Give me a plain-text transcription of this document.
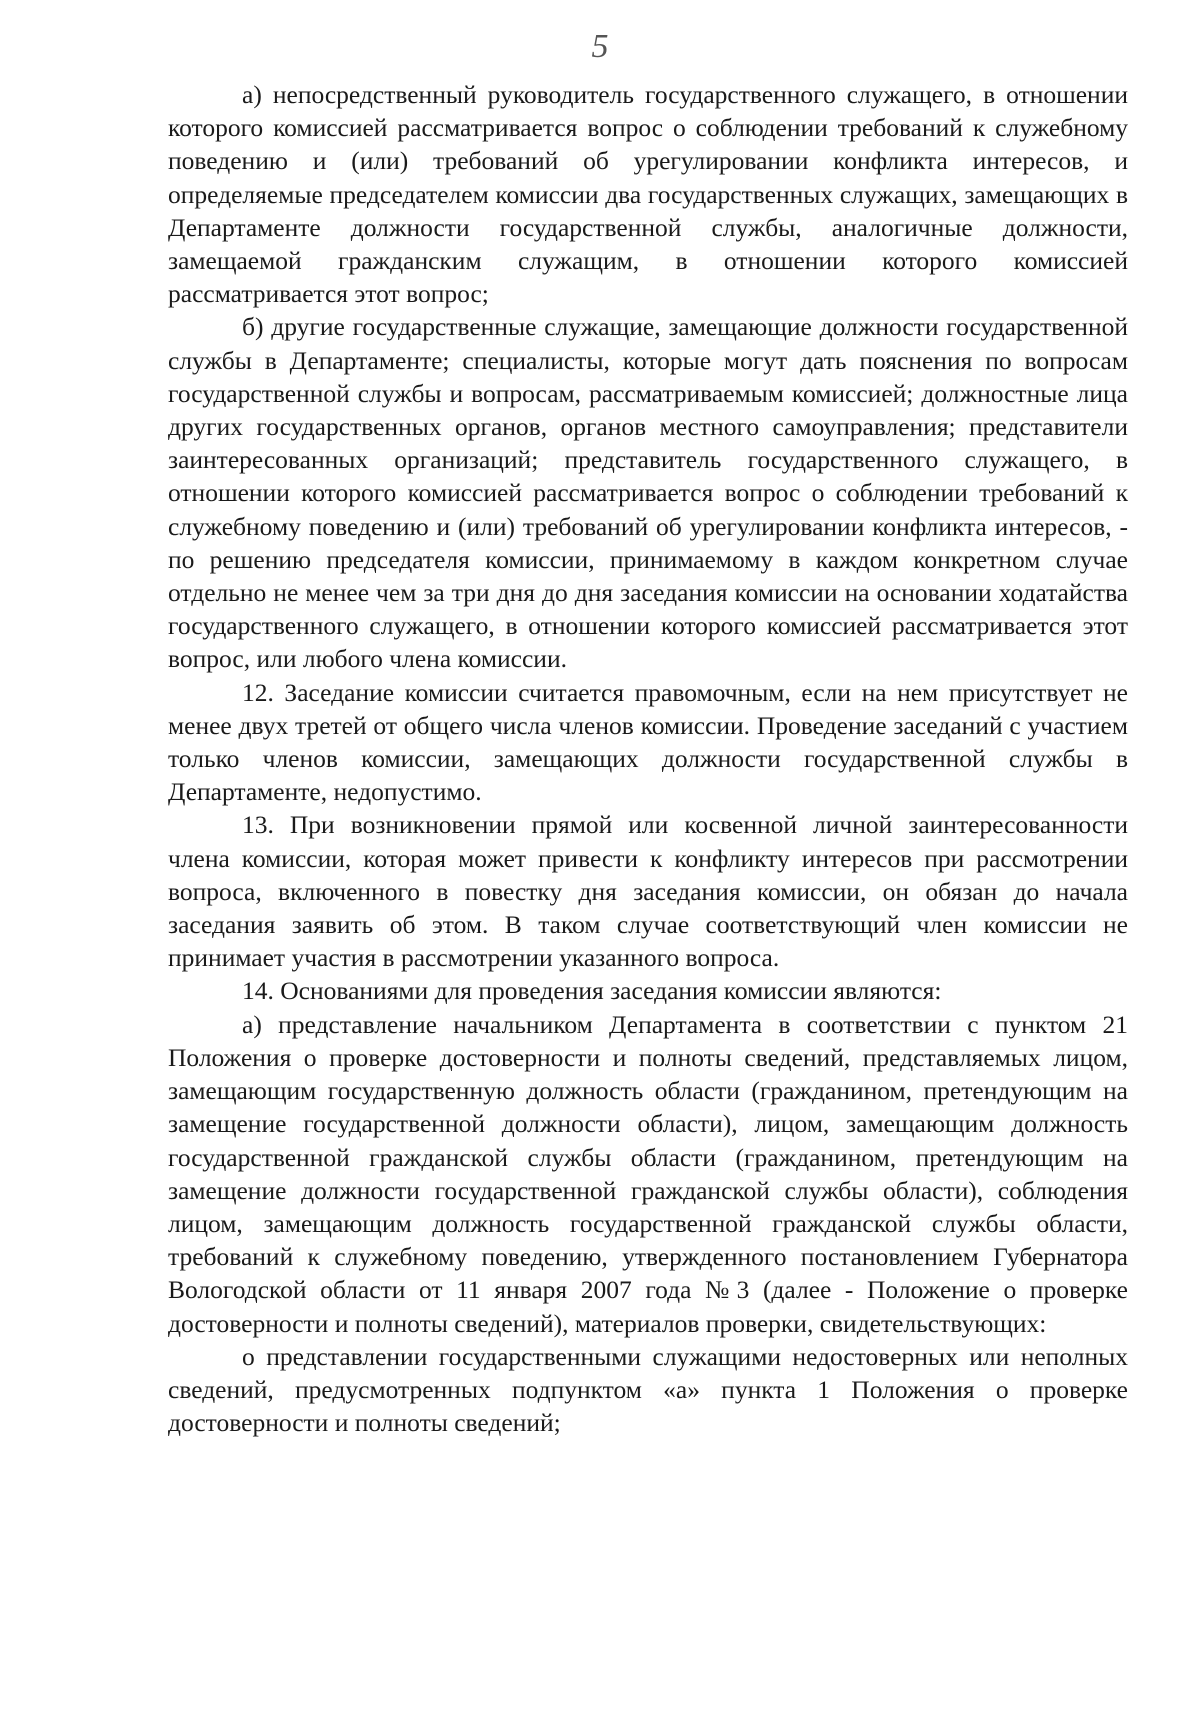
5

а) непосредственный руководитель государственного служащего, в отношении которого комиссией рассматривается вопрос о соблюдении требований к служебному поведению и (или) требований об урегулировании конфликта интересов, и определяемые председателем комиссии два государственных служащих, замещающих в Департаменте должности государственной службы, аналогичные должности, замещаемой гражданским служащим, в отношении которого комиссией рассматривается этот вопрос;

б) другие государственные служащие, замещающие должности государственной службы в Департаменте; специалисты, которые могут дать пояснения по вопросам государственной службы и вопросам, рассматриваемым комиссией; должностные лица других государственных органов, органов местного самоуправления; представители заинтересованных организаций; представитель государственного служащего, в отношении которого комиссией рассматривается вопрос о соблюдении требований к служебному поведению и (или) требований об урегулировании конфликта интересов, - по решению председателя комиссии, принимаемому в каждом конкретном случае отдельно не менее чем за три дня до дня заседания комиссии на основании ходатайства государственного служащего, в отношении которого комиссией рассматривается этот вопрос, или любого члена комиссии.

12. Заседание комиссии считается правомочным, если на нем присутствует не менее двух третей от общего числа членов комиссии. Проведение заседаний с участием только членов комиссии, замещающих должности государственной службы в Департаменте, недопустимо.

13. При возникновении прямой или косвенной личной заинтересованности члена комиссии, которая может привести к конфликту интересов при рассмотрении вопроса, включенного в повестку дня заседания комиссии, он обязан до начала заседания заявить об этом. В таком случае соответствующий член комиссии не принимает участия в рассмотрении указанного вопроса.

14. Основаниями для проведения заседания комиссии являются:

а) представление начальником Департамента в соответствии с пунктом 21 Положения о проверке достоверности и полноты сведений, представляемых лицом, замещающим государственную должность области (гражданином, претендующим на замещение государственной должности области), лицом, замещающим должность государственной гражданской службы области (гражданином, претендующим на замещение должности государственной гражданской службы области), соблюдения лицом, замещающим должность государственной гражданской службы области, требований к служебному поведению, утвержденного постановлением Губернатора Вологодской области от 11 января 2007 года №3 (далее - Положение о проверке достоверности и полноты сведений), материалов проверки, свидетельствующих:

о представлении государственными служащими недостоверных или неполных сведений, предусмотренных подпунктом «а» пункта 1 Положения о проверке достоверности и полноты сведений;
